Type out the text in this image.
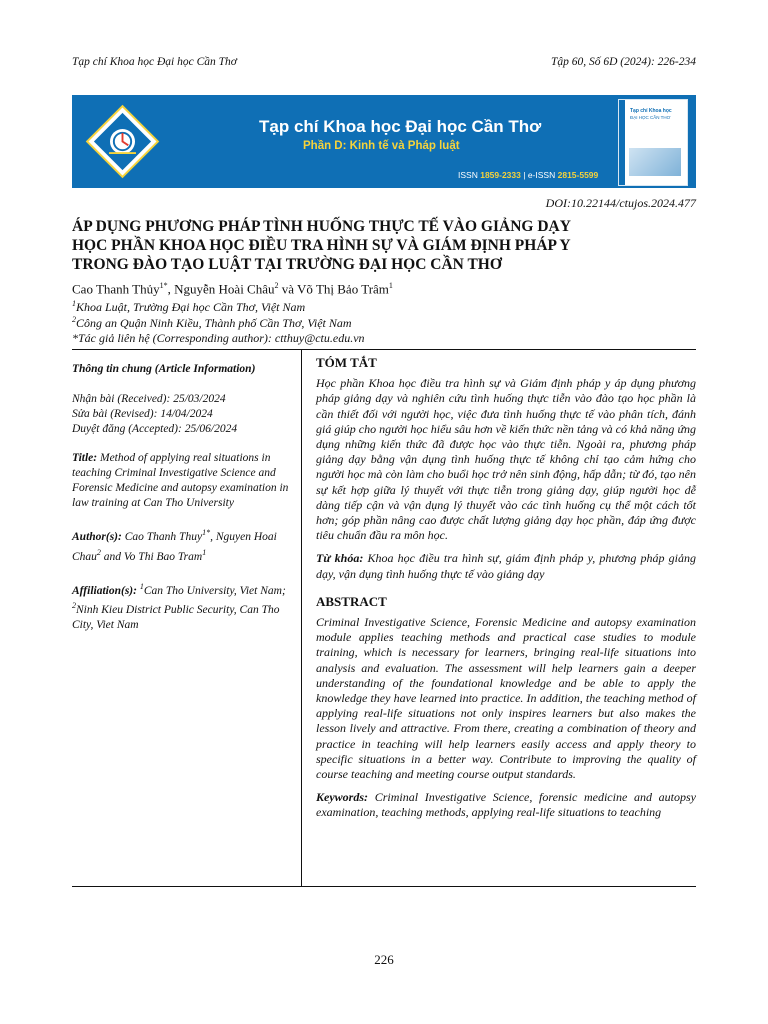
Tạp chí Khoa học Đại học Cần Thơ	Tập 60, Số 6D (2024): 226-234
Tạp chí Khoa học Đại học Cần Thơ
Phần D: Kinh tế và Pháp luật
ISSN 1859-2333 | e-ISSN 2815-5599
Tạp chí Khoa học
ĐẠI HỌC CẦN THƠ
DOI:10.22144/ctujos.2024.477
ÁP DỤNG PHƯƠNG PHÁP TÌNH HUỐNG THỰC TẾ VÀO GIẢNG DẠY
HỌC PHẦN KHOA HỌC ĐIỀU TRA HÌNH SỰ VÀ GIÁM ĐỊNH PHÁP Y
TRONG ĐÀO TẠO LUẬT TẠI TRƯỜNG ĐẠI HỌC CẦN THƠ
Cao Thanh Thủy$^{1*}$, Nguyễn Hoài Châu$^2$ và Võ Thị Bảo Trâm$^1$
$^1$Khoa Luật, Trường Đại học Cần Thơ, Việt Nam
$^2$Công an Quận Ninh Kiều, Thành phố Cần Thơ, Việt Nam
*Tác giả liên hệ (Corresponding author): ctthuy@ctu.edu.vn
Thông tin chung (Article Information)
Nhận bài (Received): 25/03/2024
Sửa bài (Revised): 14/04/2024
Duyệt đăng (Accepted): 25/06/2024
Title: Method of applying real situations in teaching Criminal Investigative Science and Forensic Medicine and autopsy examination in law training at Can Tho University
Author(s): Cao Thanh Thuy$^{1*}$, Nguyen Hoai Chau$^2$ and Vo Thi Bao Tram$^1$
Affiliation(s): $^1$Can Tho University, Viet Nam; $^2$Ninh Kieu District Public Security, Can Tho City, Viet Nam
TÓM TẮT

Học phần Khoa học điều tra hình sự và Giám định pháp y áp dụng phương pháp giảng dạy và nghiên cứu tình huống thực tiễn vào đào tạo học phần là cần thiết đối với người học, việc đưa tình huống thực tế vào phân tích, đánh giá giúp cho người học hiểu sâu hơn về kiến thức nền tảng và có khả năng ứng dụng những kiến thức đã được học vào thực tiễn. Ngoài ra, phương pháp giảng dạy bằng vận dụng tình huống thực tế không chỉ tạo cảm hứng cho người học mà còn làm cho buổi học trở nên sinh động, hấp dẫn; từ đó, tạo nên sự kết hợp giữa lý thuyết với thực tiễn trong giảng dạy, giúp người học dễ dàng tiếp cận và vận dụng lý thuyết vào các tình huống cụ thể một cách tốt hơn; góp phần nâng cao được chất lượng giảng dạy học phần, đáp ứng được tiêu chuẩn đầu ra môn học.

Từ khóa: Khoa học điều tra hình sự, giám định pháp y, phương pháp giảng dạy, vận dụng tình huống thực tế vào giảng dạy

ABSTRACT

Criminal Investigative Science, Forensic Medicine and autopsy examination module applies teaching methods and practical case studies to module training, which is necessary for learners, bringing real-life situations into analysis and evaluation. The assessment will help learners gain a deeper understanding of the foundational knowledge and be able to apply the knowledge they have learned into practice. In addition, the teaching method of applying real-life situations not only inspires learners but also makes the lesson lively and attractive. From there, creating a combination of theory and practice in teaching will help learners easily access and apply theory to specific situations in a better way. Contribute to improving the quality of course teaching and meeting course output standards.

Keywords: Criminal Investigative Science, forensic medicine and autopsy examination, teaching methods, applying real-life situations to teaching

226
